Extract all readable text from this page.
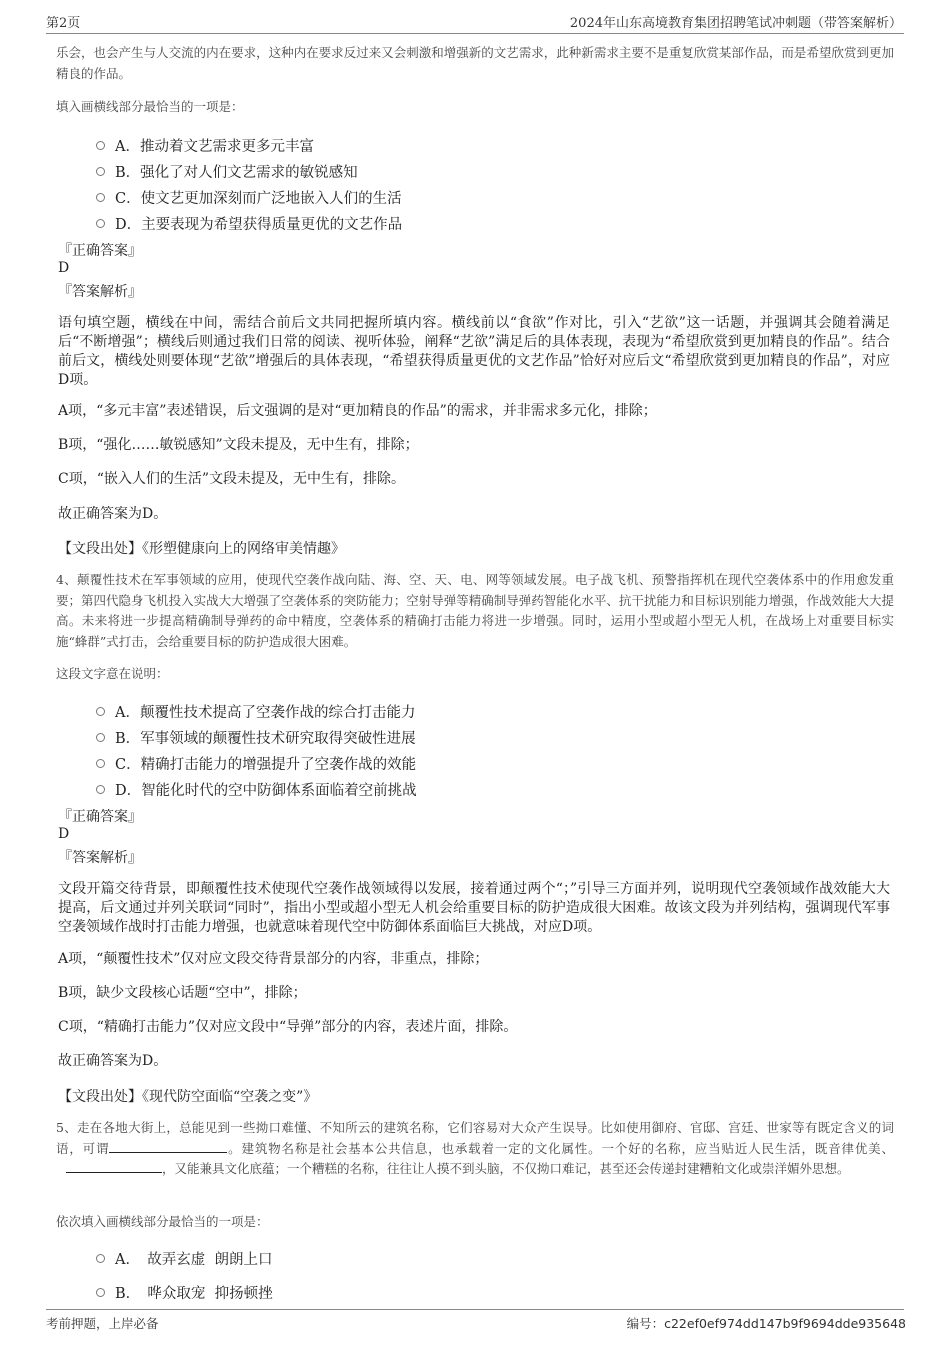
第2页	2024年山东高境教育集团招聘笔试冲刺题（带答案解析）
乐会，也会产生与人交流的内在要求，这种内在要求反过来又会刺激和增强新的文艺需求，此种新需求主要不是重复欣赏某部作品，而是希望欣赏到更加精良的作品。
填入画横线部分最恰当的一项是：
A．推动着文艺需求更多元丰富
B．强化了对人们文艺需求的敏锐感知
C．使文艺更加深刻而广泛地嵌入人们的生活
D．主要表现为希望获得质量更优的文艺作品
『正确答案』
D
『答案解析』
语句填空题，横线在中间，需结合前后文共同把握所填内容。横线前以“食欲”作对比，引入“艺欲”这一话题，并强调其会随着满足后“不断增强”；横线后则通过我们日常的阅读、视听体验，阐释“艺欲”满足后的具体表现，表现为“希望欣赏到更加精良的作品”。结合前后文，横线处则要体现“艺欲”增强后的具体表现，“希望获得质量更优的文艺作品”恰好对应后文“希望欣赏到更加精良的作品”，对应D项。
A项，“多元丰富”表述错误，后文强调的是对“更加精良的作品”的需求，并非需求多元化，排除；
B项，“强化……敏锐感知”文段未提及，无中生有，排除；
C项，“嵌入人们的生活”文段未提及，无中生有，排除。
故正确答案为D。
【文段出处】《形塑健康向上的网络审美情趣》
4、颠覆性技术在军事领域的应用，使现代空袭作战向陆、海、空、天、电、网等领域发展。电子战飞机、预警指挥机在现代空袭体系中的作用愈发重要；第四代隐身飞机投入实战大大增强了空袭体系的突防能力；空射导弹等精确制导弹药智能化水平、抗干扰能力和目标识别能力增强，作战效能大大提高。未来将进一步提高精确制导弹药的命中精度，空袭体系的精确打击能力将进一步增强。同时，运用小型或超小型无人机，在战场上对重要目标实施“蜂群”式打击，会给重要目标的防护造成很大困难。
这段文字意在说明：
A．颠覆性技术提高了空袭作战的综合打击能力
B．军事领域的颠覆性技术研究取得突破性进展
C．精确打击能力的增强提升了空袭作战的效能
D．智能化时代的空中防御体系面临着空前挑战
『正确答案』
D
『答案解析』
文段开篇交待背景，即颠覆性技术使现代空袭作战领域得以发展，接着通过两个“；”引导三方面并列，说明现代空袭领域作战效能大大提高，后文通过并列关联词“同时”，指出小型或超小型无人机会给重要目标的防护造成很大困难。故该文段为并列结构，强调现代军事空袭领域作战时打击能力增强，也就意味着现代空中防御体系面临巨大挑战，对应D项。
A项，“颠覆性技术”仅对应文段交待背景部分的内容，非重点，排除；
B项，缺少文段核心话题“空中”，排除；
C项，“精确打击能力”仅对应文段中“导弹”部分的内容，表述片面，排除。
故正确答案为D。
【文段出处】《现代防空面临“空袭之变”》
5、走在各地大街上，总能见到一些拗口难懂、不知所云的建筑名称，它们容易对大众产生误导。比如使用御府、官邸、宫廷、世家等有既定含义的词语，可谓	。建筑物名称是社会基本公共信息，也承载着一定的文化属性。一个好的名称，应当贴近人民生活，既音律优美、，又能兼具文化底蕴；一个糟糕的名称，往往让人摸不到头脑，不仅拗口难记，甚至还会传递封建糟粕文化或崇洋媚外思想。
依次填入画横线部分最恰当的一项是：
A．　故弄玄虚  朗朗上口
B．　哗众取宠  抑扬顿挫
考前押题，上岸必备	编号：c22ef0ef974dd147b9f9694dde935648
